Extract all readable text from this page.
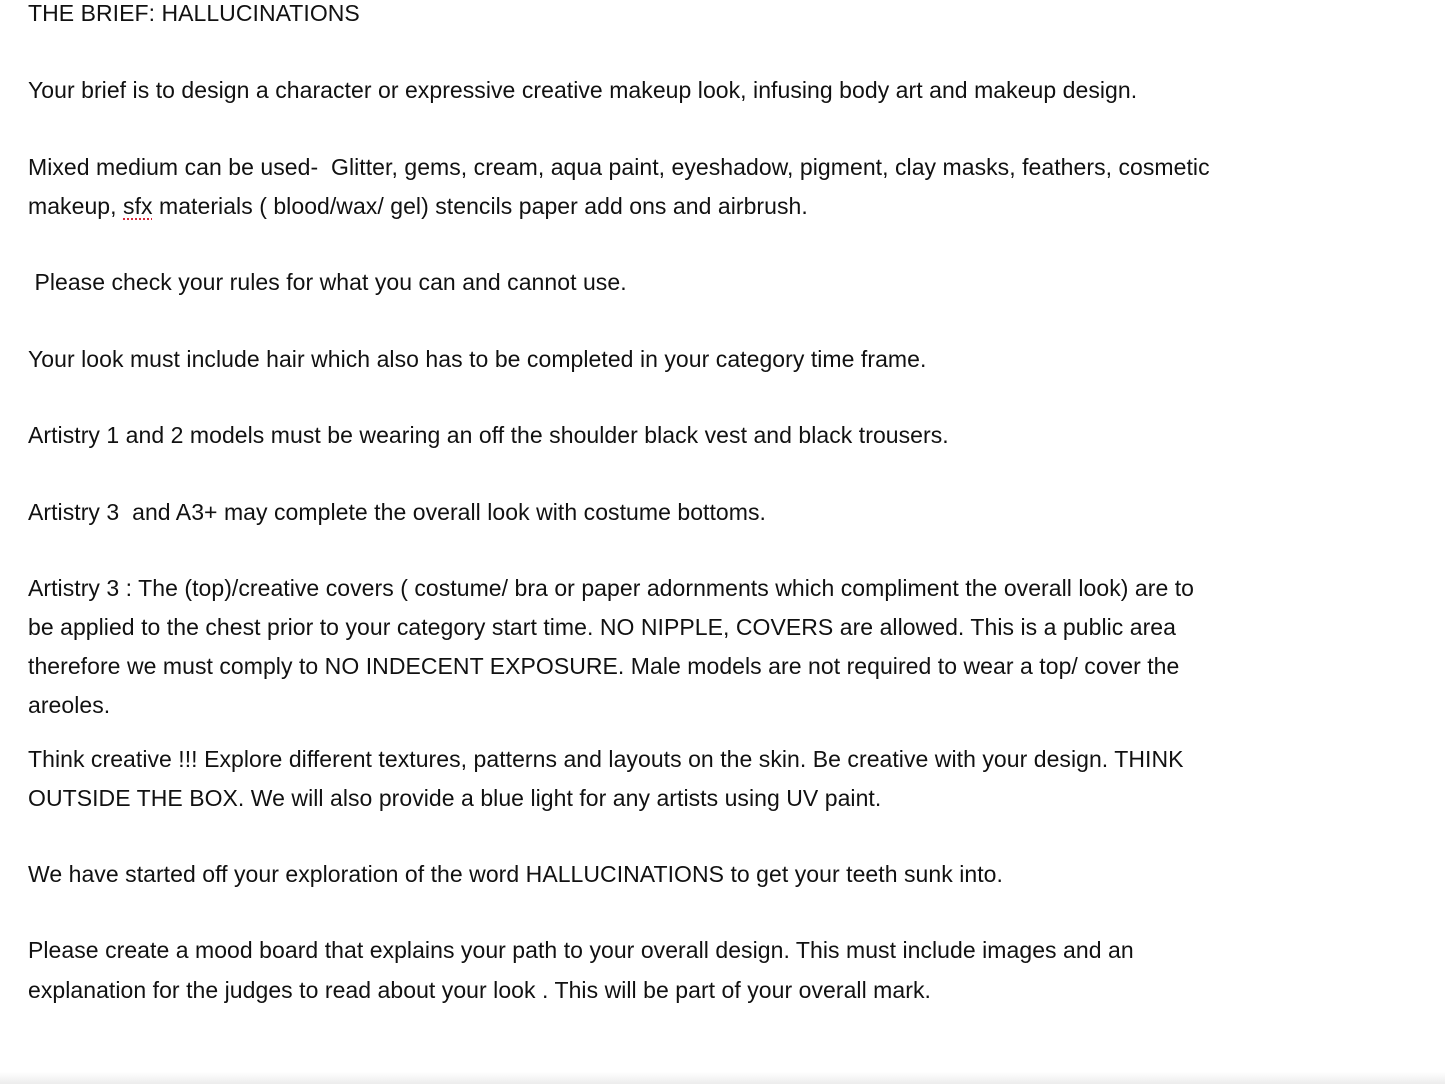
THE BRIEF: HALLUCINATIONS
Your brief is to design a character or expressive creative makeup look, infusing body art and makeup design.
Mixed medium can be used-  Glitter, gems, cream, aqua paint, eyeshadow, pigment, clay masks, feathers, cosmetic
makeup, sfx materials ( blood/wax/ gel) stencils paper add ons and airbrush.
Please check your rules for what you can and cannot use.
Your look must include hair which also has to be completed in your category time frame.
Artistry 1 and 2 models must be wearing an off the shoulder black vest and black trousers.
Artistry 3  and A3+ may complete the overall look with costume bottoms.
Artistry 3 : The (top)/creative covers ( costume/ bra or paper adornments which compliment the overall look) are to
be applied to the chest prior to your category start time. NO NIPPLE, COVERS are allowed. This is a public area
therefore we must comply to NO INDECENT EXPOSURE. Male models are not required to wear a top/ cover the
areoles.
Think creative !!! Explore different textures, patterns and layouts on the skin. Be creative with your design. THINK
OUTSIDE THE BOX. We will also provide a blue light for any artists using UV paint.
We have started off your exploration of the word HALLUCINATIONS to get your teeth sunk into.
Please create a mood board that explains your path to your overall design. This must include images and an
explanation for the judges to read about your look . This will be part of your overall mark.
